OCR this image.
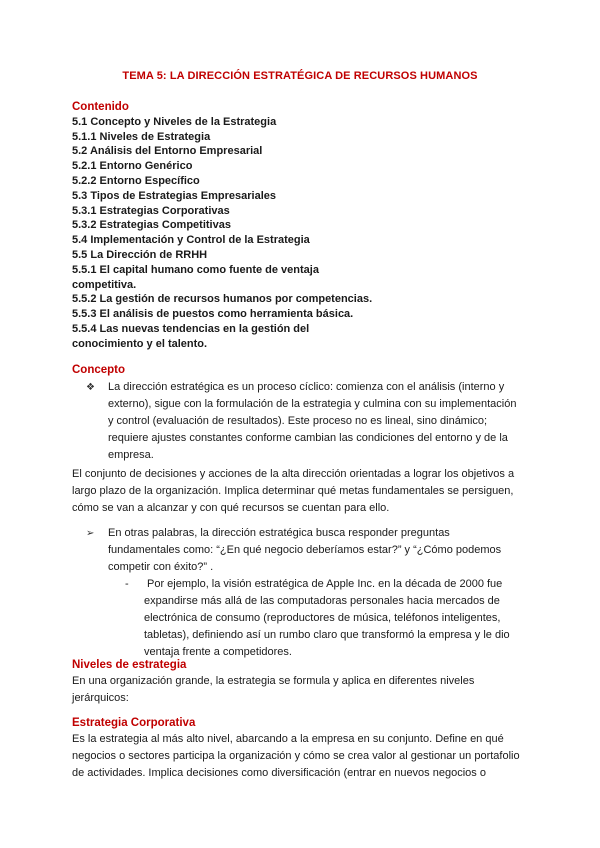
TEMA 5: LA DIRECCIÓN ESTRATÉGICA DE RECURSOS HUMANOS

Contenido

5.1 Concepto y Niveles de la Estrategia

5.1.1 Niveles de Estrategia

5.2 Análisis del Entorno Empresarial

5.2.1 Entorno Genérico

5.2.2 Entorno Específico

5.3 Tipos de Estrategias Empresariales

5.3.1 Estrategias Corporativas

5.3.2 Estrategias Competitivas

5.4 Implementación y Control de la Estrategia

5.5 La Dirección de RRHH

5.5.1 El capital humano como fuente de ventaja

competitiva.

5.5.2 La gestión de recursos humanos por competencias.

5.5.3 El análisis de puestos como herramienta básica.

5.5.4 Las nuevas tendencias en la gestión del

conocimiento y el talento.

Concepto

❖ La dirección estratégica es un proceso cíclico: comienza con el análisis (interno y

externo), sigue con la formulación de la estrategia y culmina con su implementación

y control (evaluación de resultados). Este proceso no es lineal, sino dinámico;

requiere ajustes constantes conforme cambian las condiciones del entorno y de la

empresa.

El conjunto de decisiones y acciones de la alta dirección orientadas a lograr los objetivos a

largo plazo de la organización. Implica determinar qué metas fundamentales se persiguen,

cómo se van a alcanzar y con qué recursos se cuentan para ello.

➢ En otras palabras, la dirección estratégica busca responder preguntas

fundamentales como: “¿En qué negocio deberíamos estar?” y “¿Cómo podemos

competir con éxito?” .

- Por ejemplo, la visión estratégica de Apple Inc. en la década de 2000 fue

expandirse más allá de las computadoras personales hacia mercados de

electrónica de consumo (reproductores de música, teléfonos inteligentes,

tabletas), definiendo así un rumbo claro que transformó la empresa y le dio

ventaja frente a competidores.

Niveles de estrategia

En una organización grande, la estrategia se formula y aplica en diferentes niveles

jerárquicos:

Estrategia Corporativa

Es la estrategia al más alto nivel, abarcando a la empresa en su conjunto. Define en qué

negocios o sectores participa la organización y cómo se crea valor al gestionar un portafolio

de actividades. Implica decisiones como diversificación (entrar en nuevos negocios o
